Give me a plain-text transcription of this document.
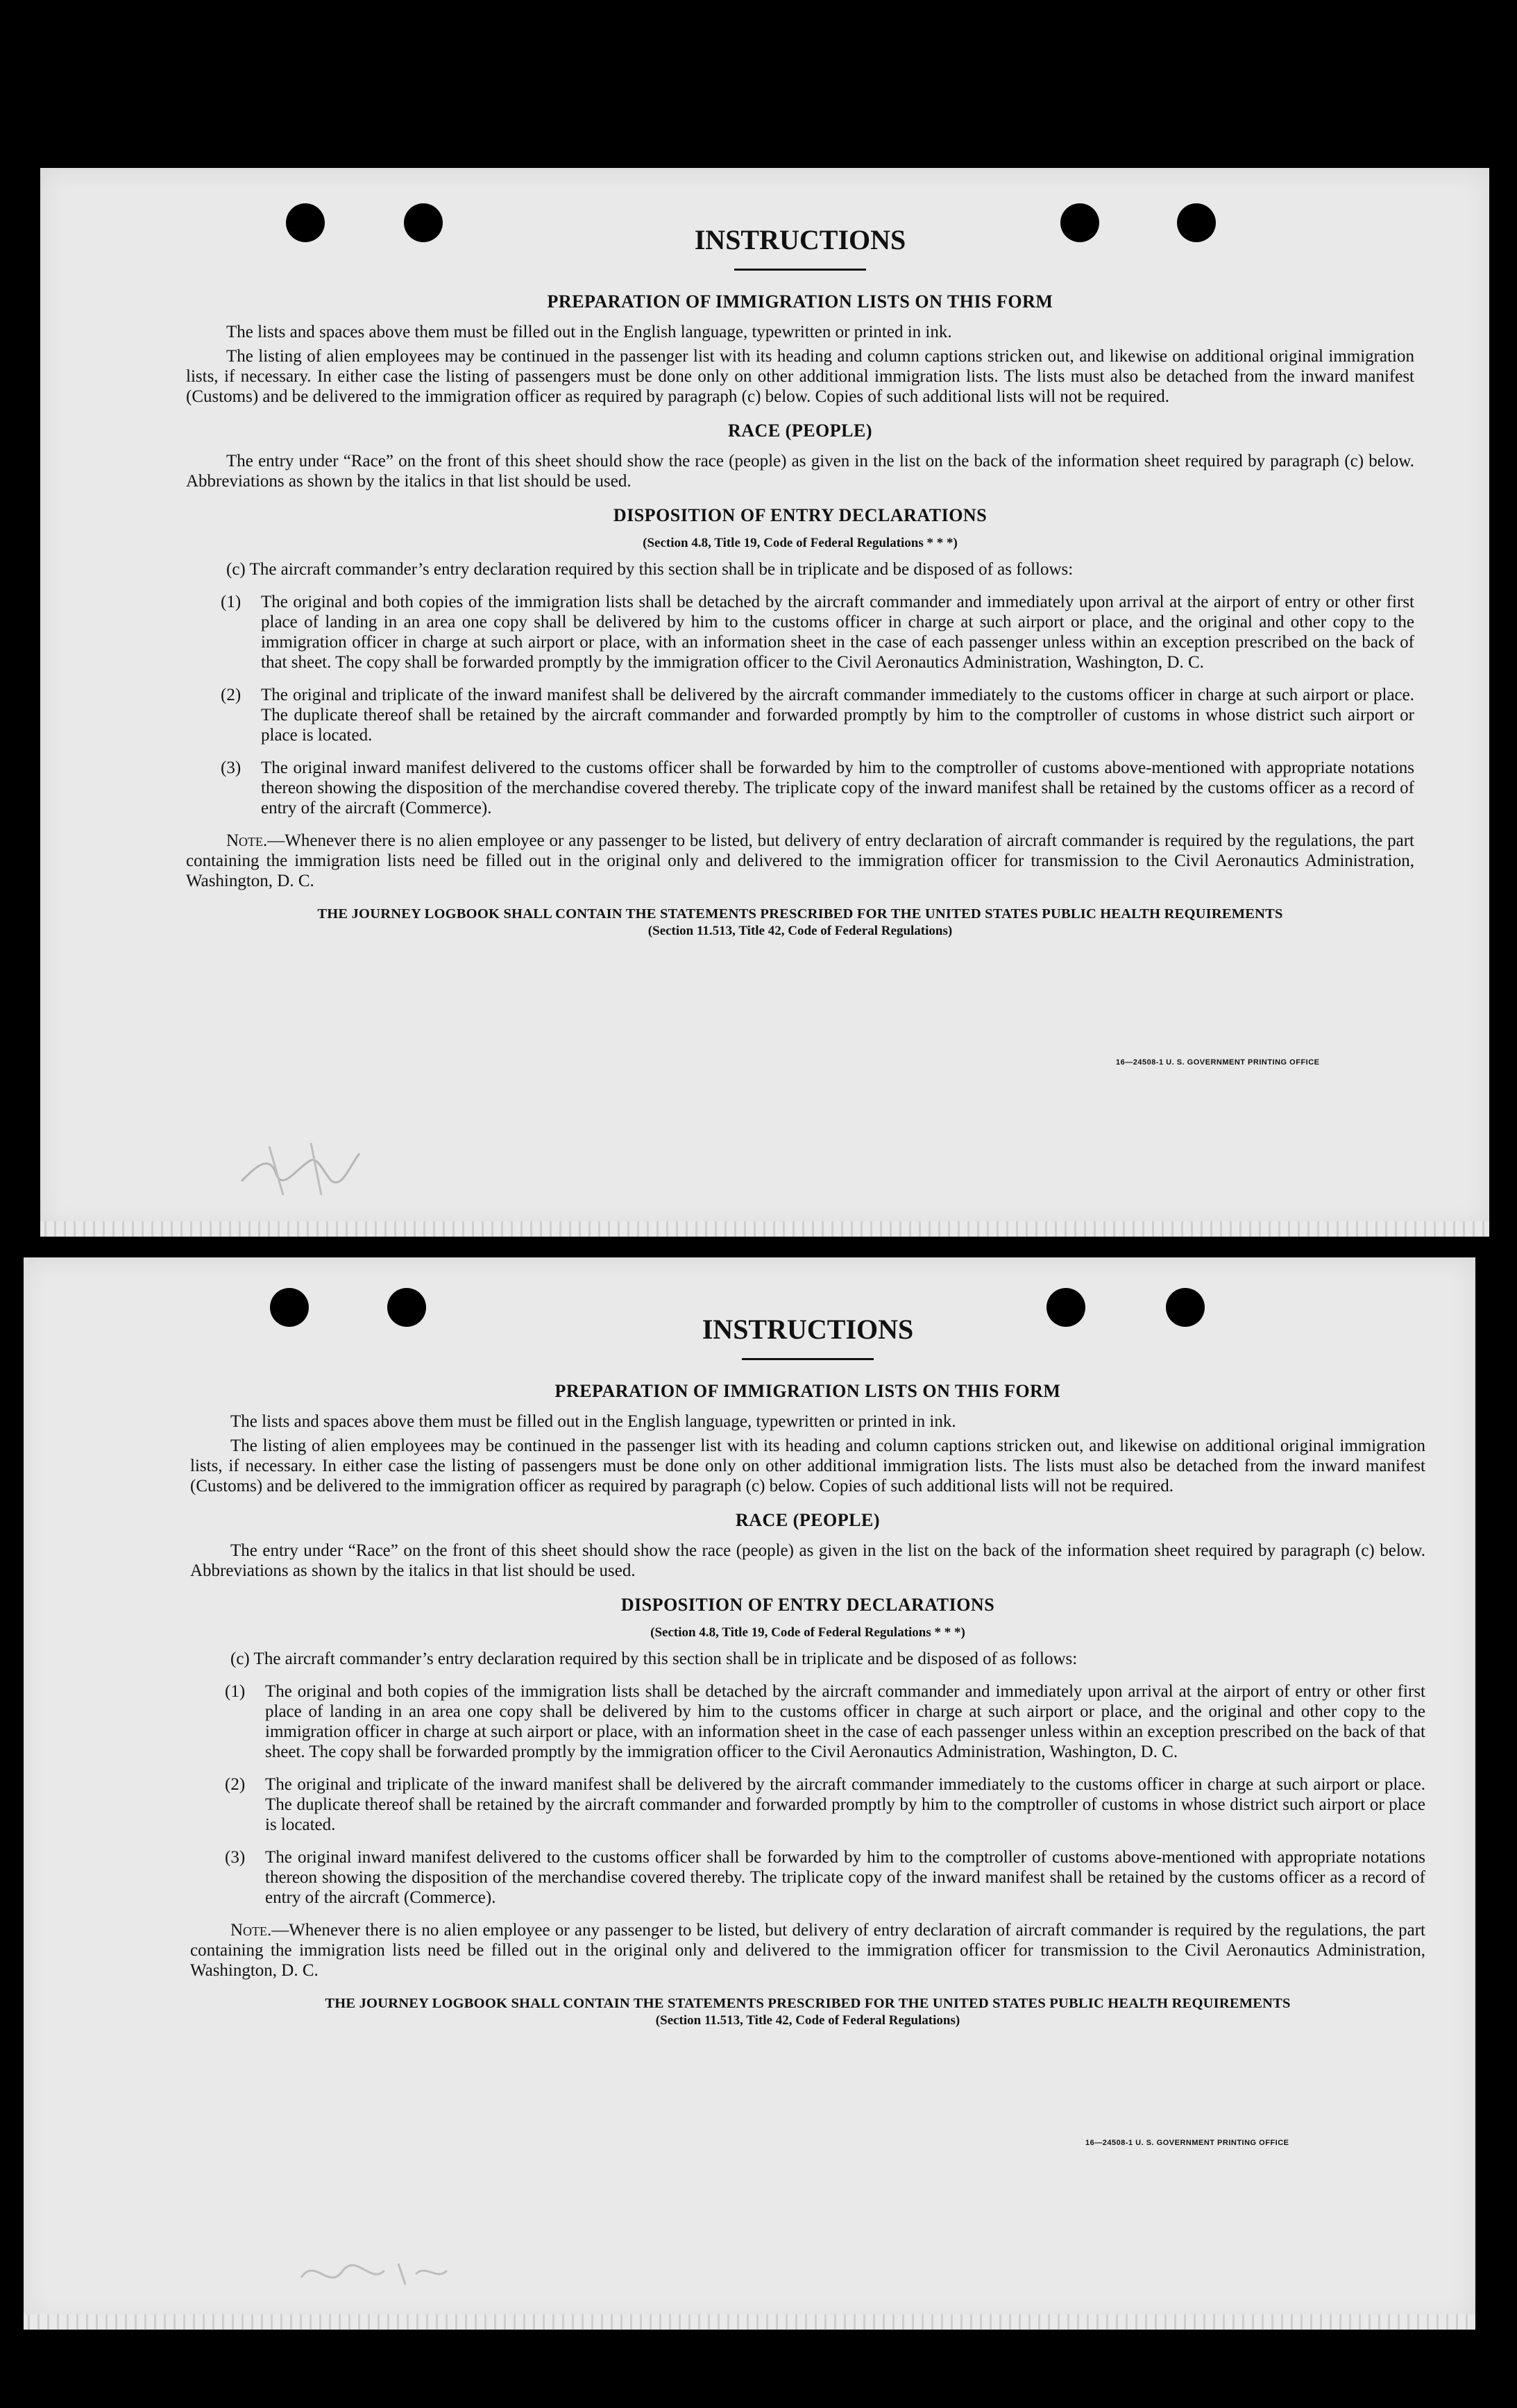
INSTRUCTIONS
PREPARATION OF IMMIGRATION LISTS ON THIS FORM

The lists and spaces above them must be filled out in the English language, typewritten or printed in ink.

The listing of alien employees may be continued in the passenger list with its heading and column captions stricken out, and likewise on additional original immigration lists, if necessary. In either case the listing of passengers must be done only on other additional immigration lists. The lists must also be detached from the inward manifest (Customs) and be delivered to the immigration officer as required by paragraph (c) below. Copies of such additional lists will not be required.

RACE (PEOPLE)

The entry under “Race” on the front of this sheet should show the race (people) as given in the list on the back of the information sheet required by paragraph (c) below. Abbreviations as shown by the italics in that list should be used.

DISPOSITION OF ENTRY DECLARATIONS
(Section 4.8, Title 19, Code of Federal Regulations * * *)
(c) The aircraft commander’s entry declaration required by this section shall be in triplicate and be disposed of as follows:
(1) The original and both copies of the immigration lists shall be detached by the aircraft commander and immediately upon arrival at the airport of entry or other first place of landing in an area one copy shall be delivered by him to the customs officer in charge at such airport or place, and the original and other copy to the immigration officer in charge at such airport or place, with an information sheet in the case of each passenger unless within an exception prescribed on the back of that sheet. The copy shall be forwarded promptly by the immigration officer to the Civil Aeronautics Administration, Washington, D. C.
(2) The original and triplicate of the inward manifest shall be delivered by the aircraft commander immediately to the customs officer in charge at such airport or place. The duplicate thereof shall be retained by the aircraft commander and forwarded promptly by him to the comptroller of customs in whose district such airport or place is located.
(3) The original inward manifest delivered to the customs officer shall be forwarded by him to the comptroller of customs above-mentioned with appropriate notations thereon showing the disposition of the merchandise covered thereby. The triplicate copy of the inward manifest shall be retained by the customs officer as a record of entry of the aircraft (Commerce).

Note.—Whenever there is no alien employee or any passenger to be listed, but delivery of entry declaration of aircraft commander is required by the regulations, the part containing the immigration lists need be filled out in the original only and delivered to the immigration officer for transmission to the Civil Aeronautics Administration, Washington, D. C.

THE JOURNEY LOGBOOK SHALL CONTAIN THE STATEMENTS PRESCRIBED FOR THE UNITED STATES PUBLIC HEALTH REQUIREMENTS
(Section 11.513, Title 42, Code of Federal Regulations)
16—24508-1 U. S. GOVERNMENT PRINTING OFFICE
INSTRUCTIONS
PREPARATION OF IMMIGRATION LISTS ON THIS FORM

The lists and spaces above them must be filled out in the English language, typewritten or printed in ink.

The listing of alien employees may be continued in the passenger list with its heading and column captions stricken out, and likewise on additional original immigration lists, if necessary. In either case the listing of passengers must be done only on other additional immigration lists. The lists must also be detached from the inward manifest (Customs) and be delivered to the immigration officer as required by paragraph (c) below. Copies of such additional lists will not be required.

RACE (PEOPLE)

The entry under “Race” on the front of this sheet should show the race (people) as given in the list on the back of the information sheet required by paragraph (c) below. Abbreviations as shown by the italics in that list should be used.

DISPOSITION OF ENTRY DECLARATIONS
(Section 4.8, Title 19, Code of Federal Regulations * * *)
(c) The aircraft commander’s entry declaration required by this section shall be in triplicate and be disposed of as follows:
(1) The original and both copies of the immigration lists shall be detached by the aircraft commander and immediately upon arrival at the airport of entry or other first place of landing in an area one copy shall be delivered by him to the customs officer in charge at such airport or place, and the original and other copy to the immigration officer in charge at such airport or place, with an information sheet in the case of each passenger unless within an exception prescribed on the back of that sheet. The copy shall be forwarded promptly by the immigration officer to the Civil Aeronautics Administration, Washington, D. C.
(2) The original and triplicate of the inward manifest shall be delivered by the aircraft commander immediately to the customs officer in charge at such airport or place. The duplicate thereof shall be retained by the aircraft commander and forwarded promptly by him to the comptroller of customs in whose district such airport or place is located.
(3) The original inward manifest delivered to the customs officer shall be forwarded by him to the comptroller of customs above-mentioned with appropriate notations thereon showing the disposition of the merchandise covered thereby. The triplicate copy of the inward manifest shall be retained by the customs officer as a record of entry of the aircraft (Commerce).

Note.—Whenever there is no alien employee or any passenger to be listed, but delivery of entry declaration of aircraft commander is required by the regulations, the part containing the immigration lists need be filled out in the original only and delivered to the immigration officer for transmission to the Civil Aeronautics Administration, Washington, D. C.

THE JOURNEY LOGBOOK SHALL CONTAIN THE STATEMENTS PRESCRIBED FOR THE UNITED STATES PUBLIC HEALTH REQUIREMENTS
(Section 11.513, Title 42, Code of Federal Regulations)
16—24508-1 U. S. GOVERNMENT PRINTING OFFICE
